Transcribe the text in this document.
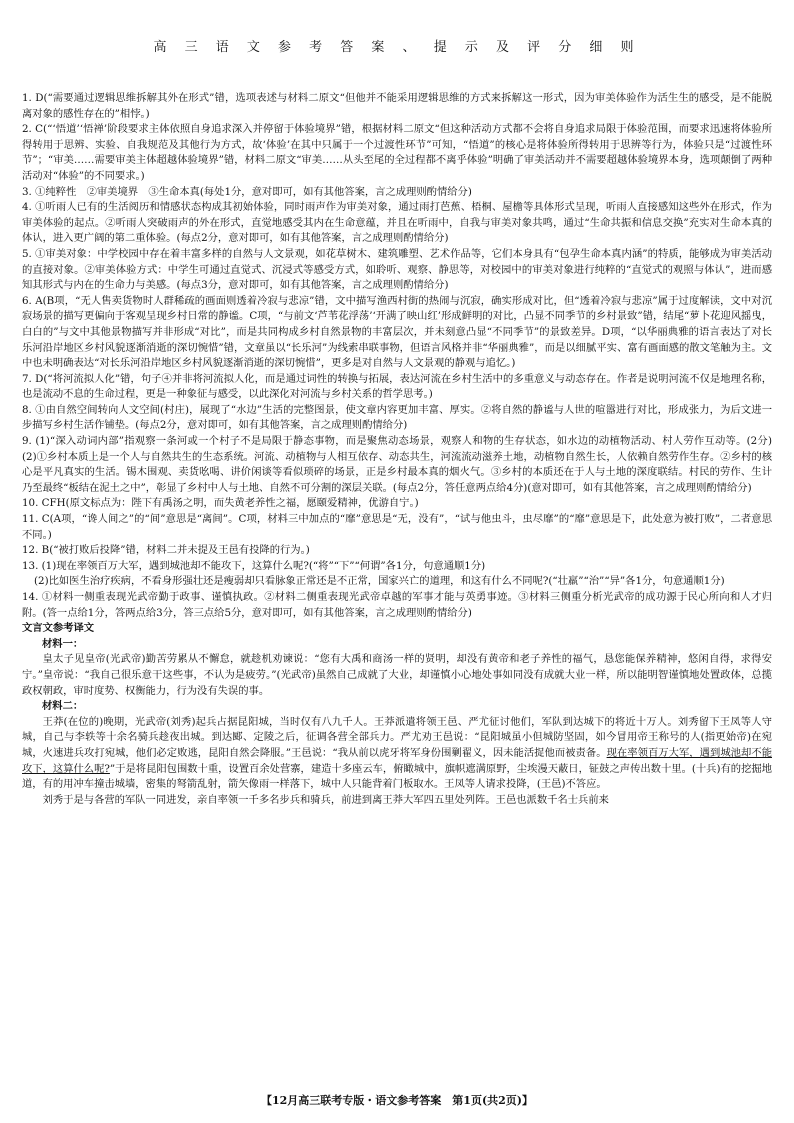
高 三 语 文 参 考 答 案 、 提 示 及 评 分 细 则

1. D(“需要通过逻辑思维拆解其外在形式”错，选项表述与材料二原文“但他并不能采用逻辑思维的方式来拆解这一形式，因为审美体验作为活生生的感受，是不能脱离对象的感性存在的”相悖。)

2. C(“‘悟道’‘悟禅’阶段要求主体依照自身追求深入并停留于体验境界”错，根据材料二原文“但这种活动方式都不会将自身追求局限于体验范围，而要求迅速将体验所得转用于思辨、实验、自我规范及其他行为方式，故‘体验’在其中只属于一个过渡性环节”可知，“悟道”的核心是将体验所得转用于思辨等行为，体验只是“过渡性环节”；“审美……需要审美主体超越体验境界”错，材料二原文“审美……从头至尾的全过程都不离乎体验”明确了审美活动并不需要超越体验境界本身，选项颠倒了两种活动对“体验”的不同要求。)

3. ①纯粹性　②审美境界　③生命本真(每处1分，意对即可，如有其他答案，言之成理则酌情给分)

4. ①听雨人已有的生活阅历和情感状态构成其初始体验，同时雨声作为审美对象，通过雨打芭蕉、梧桐、屋檐等具体形式呈现，听雨人直接感知这些外在形式，作为审美体验的起点。②听雨人突破雨声的外在形式，直觉地感受其内在生命意蕴，并且在听雨中，自我与审美对象共鸣，通过“生命共振和信息交换”充实对生命本真的体认，进入更广阔的第二重体验。(每点2分，意对即可，如有其他答案，言之成理则酌情给分)

5. ①审美对象：中学校园中存在着丰富多样的自然与人文景观，如花草树木、建筑雕塑、艺术作品等，它们本身具有“包孕生命本真内涵”的特质，能够成为审美活动的直接对象。②审美体验方式：中学生可通过直觉式、沉浸式等感受方式，如聆听、观察、静思等，对校园中的审美对象进行纯粹的“直觉式的观照与体认”，进而感知其形式与内在的生命力与美感。(每点3分，意对即可，如有其他答案，言之成理则酌情给分)

6. A(B项，“无人售卖货物时人群稀疏的画面则透着冷寂与悲凉”错，文中描写渔西村街的热闹与沉寂，确实形成对比，但“透着冷寂与悲凉”属于过度解读，文中对沉寂场景的描写更偏向于客观呈现乡村日常的静谧。C项，“与前文‘芦苇花浮荡’‘开满了映山红’形成鲜明的对比，凸显不同季节的乡村景致”错，结尾“萝卜花迎风摇曳，白白的”与文中其他景物描写并非形成“对比”，而是共同构成乡村自然景物的丰富层次，并未刻意凸显“不同季节”的景致差异。D项，“以华丽典雅的语言表达了对长乐河沿岸地区乡村风貌逐渐消逝的深切惋惜”错，文章虽以“长乐河”为线索串联事物，但语言风格并非“华丽典雅”，而是以细腻平实、富有画面感的散文笔触为主。文中也未明确表达“对长乐河沿岸地区乡村风貌逐渐消逝的深切惋惜”，更多是对自然与人文景观的静观与追忆。)

7. D(“将河流拟人化”错，句子④并非将河流拟人化，而是通过词性的转换与拓展，表达河流在乡村生活中的多重意义与动态存在。作者是说明河流不仅是地理名称，也是流动不息的生命过程，更是一种象征与感受，以此深化对河流与乡村关系的哲学思考。)

8. ①由自然空间转向人文空间(村庄)，展现了“水边”生活的完整图景，使文章内容更加丰富、厚实。②将自然的静谧与人世的喧嚣进行对比，形成张力，为后文进一步描写乡村生活作铺垫。(每点2分，意对即可，如有其他答案，言之成理则酌情给分)

9. (1)“深入动词内部”指观察一条河或一个村子不是局限于静态事物，而是聚焦动态场景，观察人和物的生存状态，如水边的动植物活动、村人劳作互动等。(2分)(2)①乡村本质上是一个人与自然共生的生态系统。河流、动植物与人相互依存、动态共生，河流流动滋养土地，动植物自然生长，人依赖自然劳作生存。②乡村的核心是平凡真实的生活。锡木围观、卖货吆喝、讲价闲谈等看似琐碎的场景，正是乡村最本真的烟火气。③乡村的本质还在于人与土地的深度联结。村民的劳作、生计乃至最终“板结在泥土之中”，彰显了乡村中人与土地、自然不可分割的深层关联。(每点2分，答任意两点给4分)(意对即可，如有其他答案，言之成理则酌情给分)

10. CFH(原文标点为：陛下有禹汤之明，而失黄老养性之福，愿颐爱精神，优游自宁。)

11. C(A项，“谗人间之”的“间”意思是“离间”。C项，材料三中加点的“靡”意思是“无，没有”，“试与他虫斗，虫尽靡”的“靡”意思是下，此处意为被打败”，二者意思不同。)

12. B(“被打败后投降”错，材料二并未提及王邑有投降的行为。)

13. (1)现在率领百万大军，遇到城池却不能攻下，这算什么呢?(“将”“下”“何谓”各1分，句意通顺1分)

(2)比如医生治疗疾病，不看身形强壮还是瘦弱却只看脉象正常还是不正常，国家兴亡的道理，和这有什么不同呢?(“壮羸”“治”“异”各1分，句意通顺1分)

14. ①材料一侧重表现光武帝勤于政事、谨慎执政。②材料二侧重表现光武帝卓越的军事才能与英勇事迹。③材料三侧重分析光武帝的成功源于民心所向和人才归附。(答一点给1分，答两点给3分，答三点给5分，意对即可，如有其他答案，言之成理则酌情给分)

文言文参考译文

材料一：

皇太子见皇帝(光武帝)勤苦劳累从不懈怠，就趁机劝谏说：“您有大禹和商汤一样的贤明，却没有黄帝和老子养性的福气，恳您能保养精神，悠闲自得，求得安宁。”皇帝说：“我自己很乐意干这些事，不认为是疲劳。”(光武帝)虽然自己成就了大业，却谨慎小心地处事如同没有成就大业一样，所以能明智谨慎地处置政体，总揽政权朝政，审时度势、权衡能力，行为没有失误的事。

材料二：

王莽(在位的)晚期，光武帝(刘秀)起兵占据昆阳城，当时仅有八九千人。王莽派遣将领王邑、严尤征讨他们，军队到达城下的将近十万人。刘秀留下王凤等人守城，自己与李轶等十余名骑兵趁夜出城。到达郾、定陵之后，征调各营全部兵力。严尤劝王邑说：“昆阳城虽小但城防坚固，如今冒用帝王称号的人(指更始帝)在宛城，火速进兵攻打宛城，他们必定败逃，昆阳自然会降服。”王邑说：“我从前以虎牙将军身份围剿翟义，因未能活捉他而被责备。现在率领百万大军，遇到城池却不能攻下，这算什么呢?”于是将昆阳包围数十重，设置百余处营寨，建造十多座云车，俯瞰城中，旗帜遮满原野，尘埃漫天蔽日，钲鼓之声传出数十里。(十兵)有的挖掘地道，有的用冲车撞击城墙，密集的弩箭乱射，箭矢像雨一样落下，城中人只能背着门板取水。王凤等人请求投降，(王邑)不答应。

刘秀于是与各营的军队一同进发，亲自率领一千多名步兵和骑兵，前进到离王莽大军四五里处列阵。王邑也派数千名士兵前来

【12月高三联考专版・语文参考答案　第1页(共2页)】
